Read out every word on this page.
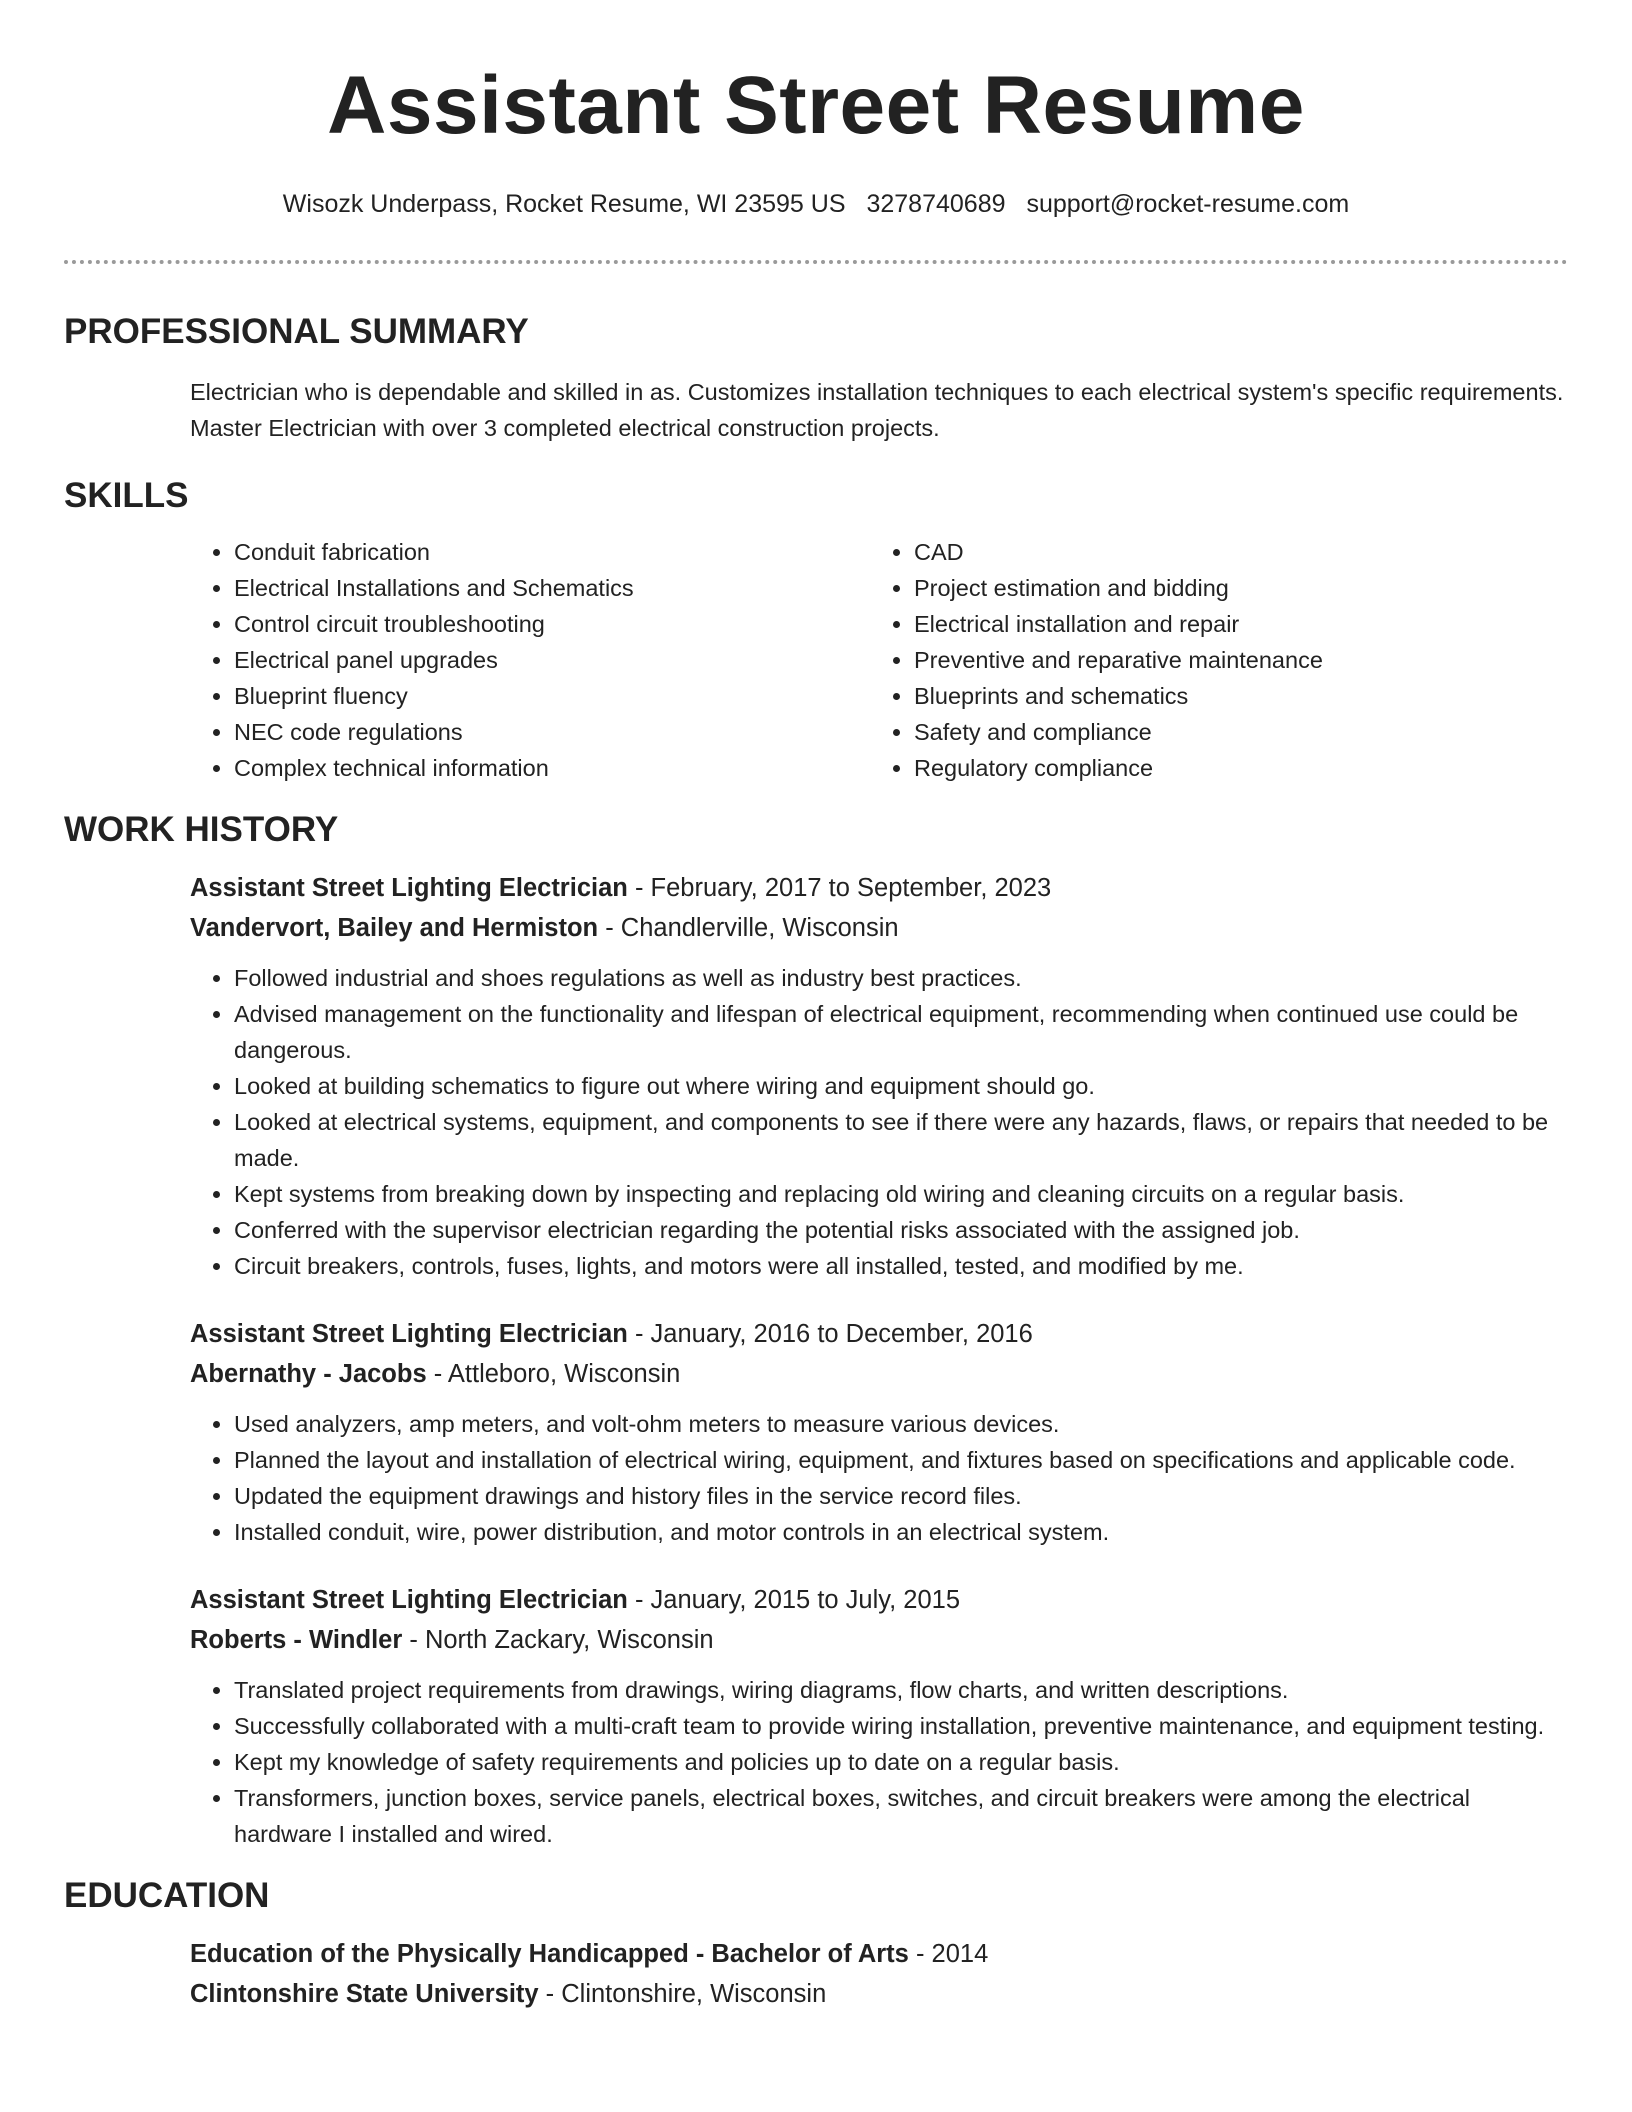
Assistant Street Resume
Wisozk Underpass, Rocket Resume, WI 23595 US 3278740689 support@rocket-resume.com
PROFESSIONAL SUMMARY
Electrician who is dependable and skilled in as. Customizes installation techniques to each electrical system's specific requirements. Master Electrician with over 3 completed electrical construction projects.
SKILLS
• Conduit fabrication
• Electrical Installations and Schematics
• Control circuit troubleshooting
• Electrical panel upgrades
• Blueprint fluency
• NEC code regulations
• Complex technical information
• CAD
• Project estimation and bidding
• Electrical installation and repair
• Preventive and reparative maintenance
• Blueprints and schematics
• Safety and compliance
• Regulatory compliance
WORK HISTORY
Assistant Street Lighting Electrician - February, 2017 to September, 2023
Vandervort, Bailey and Hermiston - Chandlerville, Wisconsin
• Followed industrial and shoes regulations as well as industry best practices.
• Advised management on the functionality and lifespan of electrical equipment, recommending when continued use could be dangerous.
• Looked at building schematics to figure out where wiring and equipment should go.
• Looked at electrical systems, equipment, and components to see if there were any hazards, flaws, or repairs that needed to be made.
• Kept systems from breaking down by inspecting and replacing old wiring and cleaning circuits on a regular basis.
• Conferred with the supervisor electrician regarding the potential risks associated with the assigned job.
• Circuit breakers, controls, fuses, lights, and motors were all installed, tested, and modified by me.
Assistant Street Lighting Electrician - January, 2016 to December, 2016
Abernathy - Jacobs - Attleboro, Wisconsin
• Used analyzers, amp meters, and volt-ohm meters to measure various devices.
• Planned the layout and installation of electrical wiring, equipment, and fixtures based on specifications and applicable code.
• Updated the equipment drawings and history files in the service record files.
• Installed conduit, wire, power distribution, and motor controls in an electrical system.
Assistant Street Lighting Electrician - January, 2015 to July, 2015
Roberts - Windler - North Zackary, Wisconsin
• Translated project requirements from drawings, wiring diagrams, flow charts, and written descriptions.
• Successfully collaborated with a multi-craft team to provide wiring installation, preventive maintenance, and equipment testing.
• Kept my knowledge of safety requirements and policies up to date on a regular basis.
• Transformers, junction boxes, service panels, electrical boxes, switches, and circuit breakers were among the electrical hardware I installed and wired.
EDUCATION
Education of the Physically Handicapped - Bachelor of Arts - 2014
Clintonshire State University - Clintonshire, Wisconsin
